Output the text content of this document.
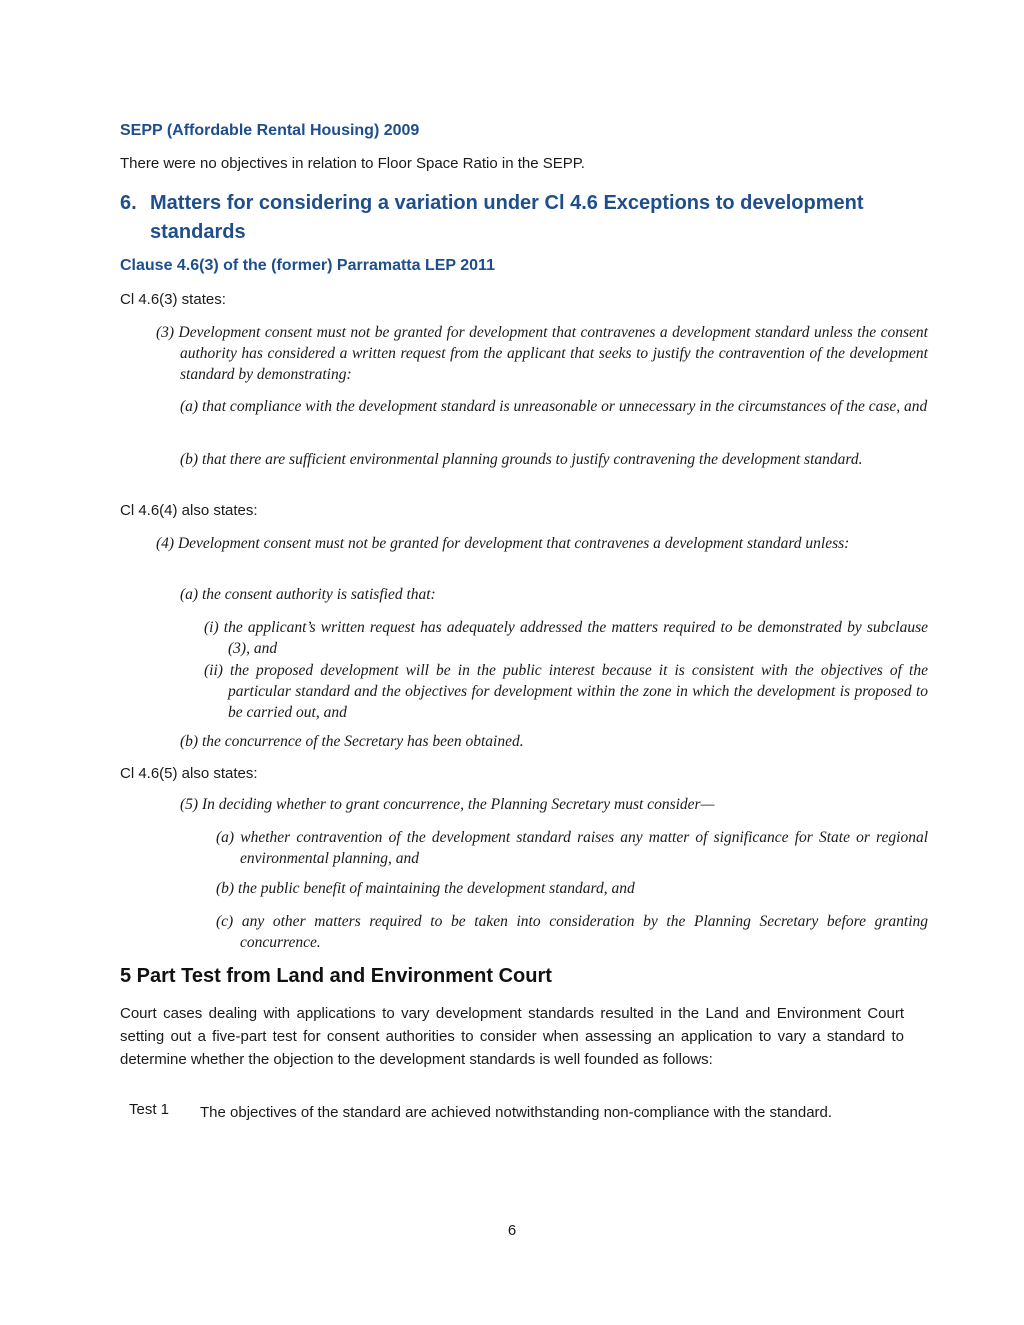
SEPP (Affordable Rental Housing) 2009
There were no objectives in relation to Floor Space Ratio in the SEPP.
6. Matters for considering a variation under Cl 4.6 Exceptions to development standards
Clause 4.6(3) of the (former) Parramatta LEP 2011
Cl 4.6(3) states:
(3) Development consent must not be granted for development that contravenes a development standard unless the consent authority has considered a written request from the applicant that seeks to justify the contravention of the development standard by demonstrating:
(a) that compliance with the development standard is unreasonable or unnecessary in the circumstances of the case, and
(b) that there are sufficient environmental planning grounds to justify contravening the development standard.
Cl 4.6(4) also states:
(4) Development consent must not be granted for development that contravenes a development standard unless:
(a) the consent authority is satisfied that:
(i) the applicant’s written request has adequately addressed the matters required to be demonstrated by subclause (3), and
(ii) the proposed development will be in the public interest because it is consistent with the objectives of the particular standard and the objectives for development within the zone in which the development is proposed to be carried out, and
(b) the concurrence of the Secretary has been obtained.
Cl 4.6(5) also states:
(5) In deciding whether to grant concurrence, the Planning Secretary must consider—
(a) whether contravention of the development standard raises any matter of significance for State or regional environmental planning, and
(b) the public benefit of maintaining the development standard, and
(c) any other matters required to be taken into consideration by the Planning Secretary before granting concurrence.
5 Part Test from Land and Environment Court
Court cases dealing with applications to vary development standards resulted in the Land and Environment Court setting out a five-part test for consent authorities to consider when assessing an application to vary a standard to determine whether the objection to the development standards is well founded as follows:
Test 1 The objectives of the standard are achieved notwithstanding non-compliance with the standard.
6
